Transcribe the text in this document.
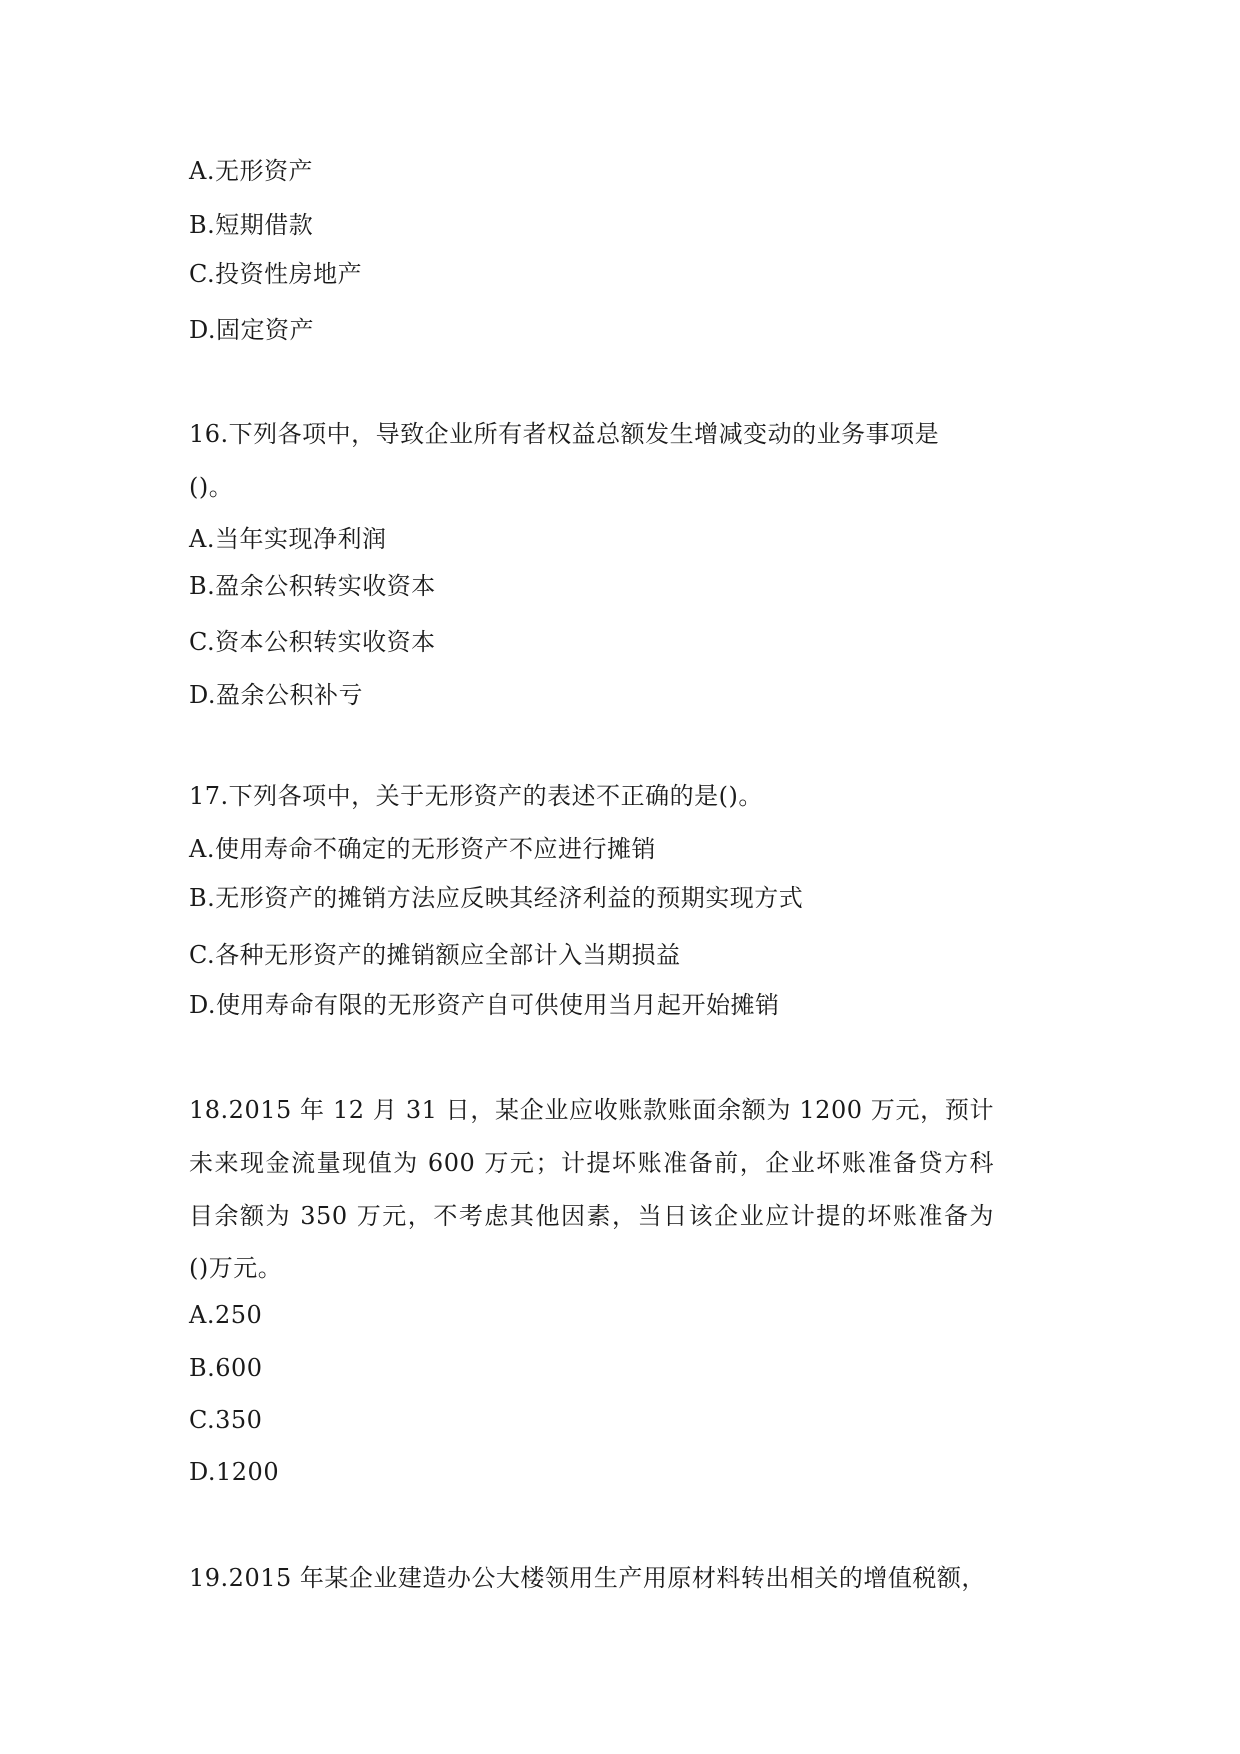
A.无形资产
B.短期借款
C.投资性房地产
D.固定资产
16.下列各项中，导致企业所有者权益总额发生增减变动的业务事项是
()。
A.当年实现净利润
B.盈余公积转实收资本
C.资本公积转实收资本
D.盈余公积补亏
17.下列各项中，关于无形资产的表述不正确的是()。
A.使用寿命不确定的无形资产不应进行摊销
B.无形资产的摊销方法应反映其经济利益的预期实现方式
C.各种无形资产的摊销额应全部计入当期损益
D.使用寿命有限的无形资产自可供使用当月起开始摊销
18.2015 年 12 月 31 日，某企业应收账款账面余额为 1200 万元，预计
未来现金流量现值为 600 万元；计提坏账准备前，企业坏账准备贷方科
目余额为 350 万元，不考虑其他因素，当日该企业应计提的坏账准备为
()万元。
A.250
B.600
C.350
D.1200
19.2015 年某企业建造办公大楼领用生产用原材料转出相关的增值税额，
